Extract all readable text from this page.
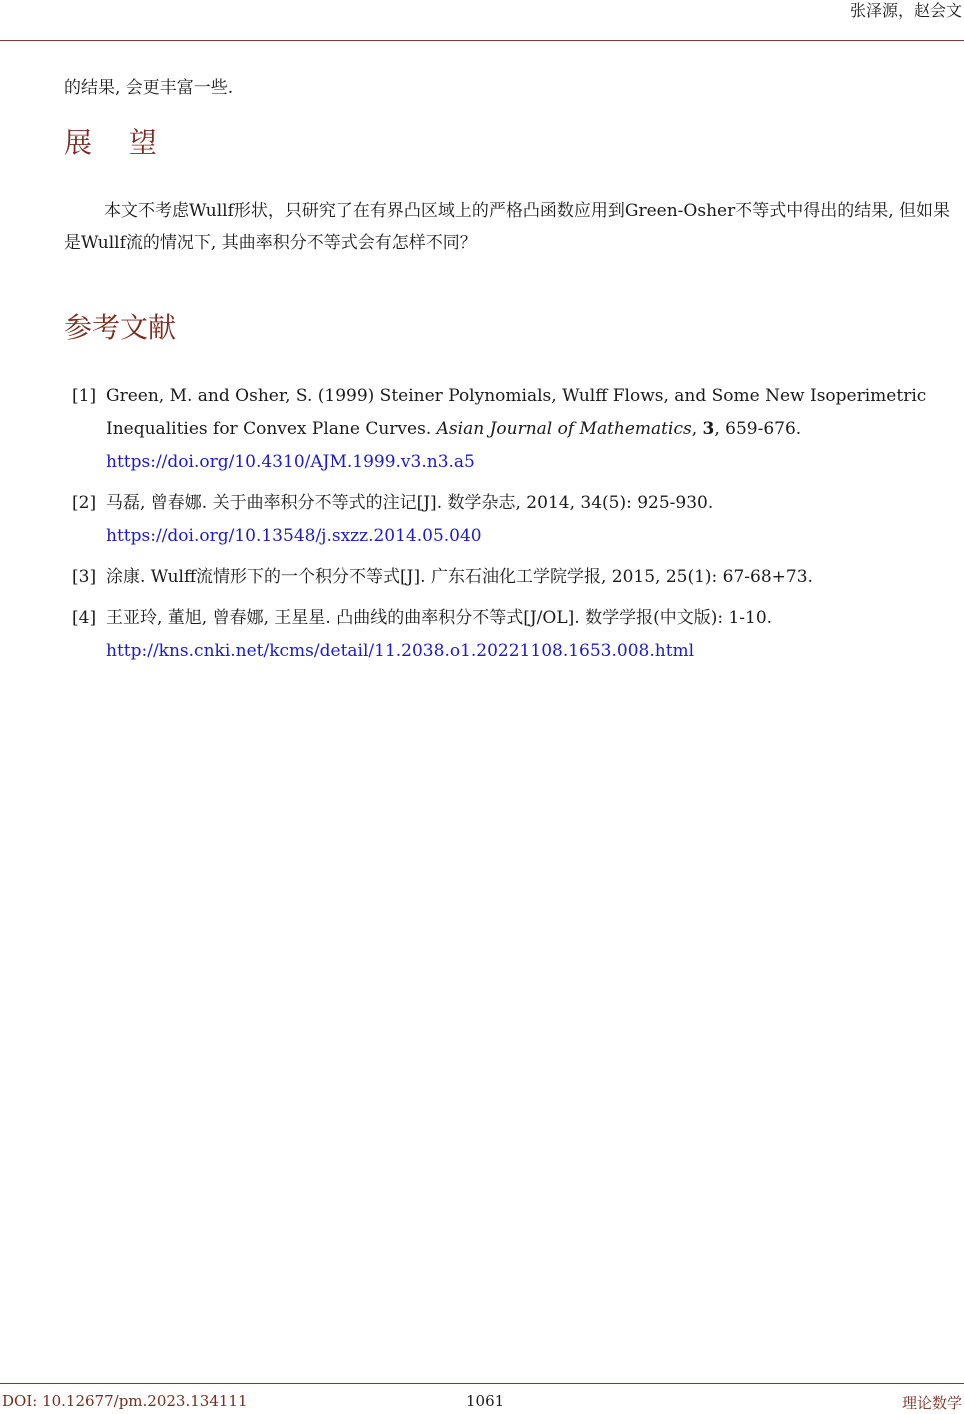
张泽源，赵会文
的结果, 会更丰富一些.
展 望
本文不考虑Wullf形状，只研究了在有界凸区域上的严格凸函数应用到Green-Osher不等式中得出的结果, 但如果是Wullf流的情况下, 其曲率积分不等式会有怎样不同？
参考文献
[1] Green, M. and Osher, S. (1999) Steiner Polynomials, Wulff Flows, and Some New Isoperimetric
Inequalities for Convex Plane Curves. Asian Journal of Mathematics, 3, 659-676.
https://doi.org/10.4310/AJM.1999.v3.n3.a5
[2] 马磊, 曾春娜. 关于曲率积分不等式的注记[J]. 数学杂志, 2014, 34(5): 925-930.
https://doi.org/10.13548/j.sxzz.2014.05.040
[3] 涂康. Wulff流情形下的一个积分不等式[J]. 广东石油化工学院学报, 2015, 25(1): 67-68+73.
[4] 王亚玲, 董旭, 曾春娜, 王星星. 凸曲线的曲率积分不等式[J/OL]. 数学学报(中文版): 1-10.
http://kns.cnki.net/kcms/detail/11.2038.o1.20221108.1653.008.html
DOI: 10.12677/pm.2023.134111	1061	理论数学
